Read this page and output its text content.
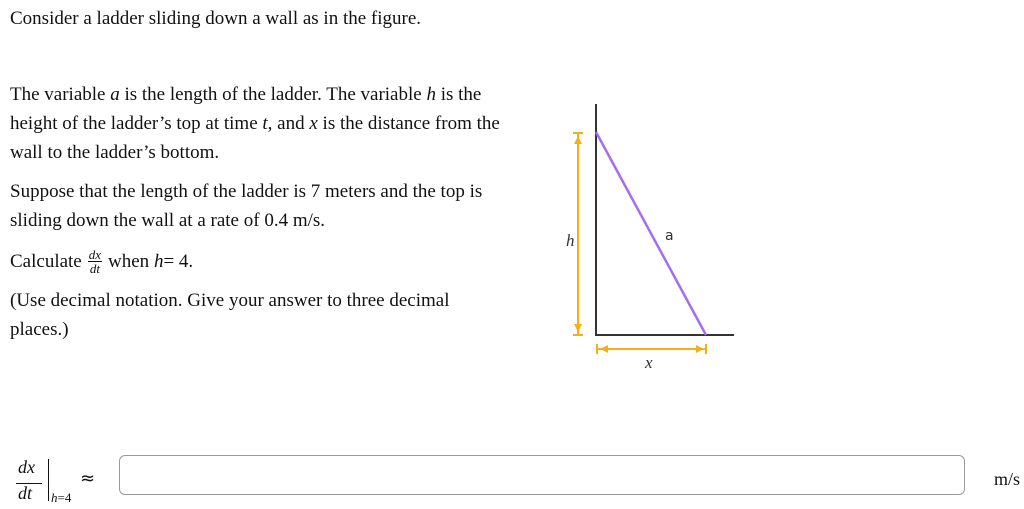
Consider a ladder sliding down a wall as in the figure.

The variable a is the length of the ladder. The variable h is the height of the ladder’s top at time t, and x is the distance from the wall to the ladder’s bottom.

Suppose that the length of the ladder is 7 meters and the top is sliding down the wall at a rate of 0.4 m/s.

Calculate $\frac{dx}{dt}$ when
h = 4.

(Use decimal notation. Give your answer to three decimal places.)

h	a
x
dx
dt h=4
≈	m/s
